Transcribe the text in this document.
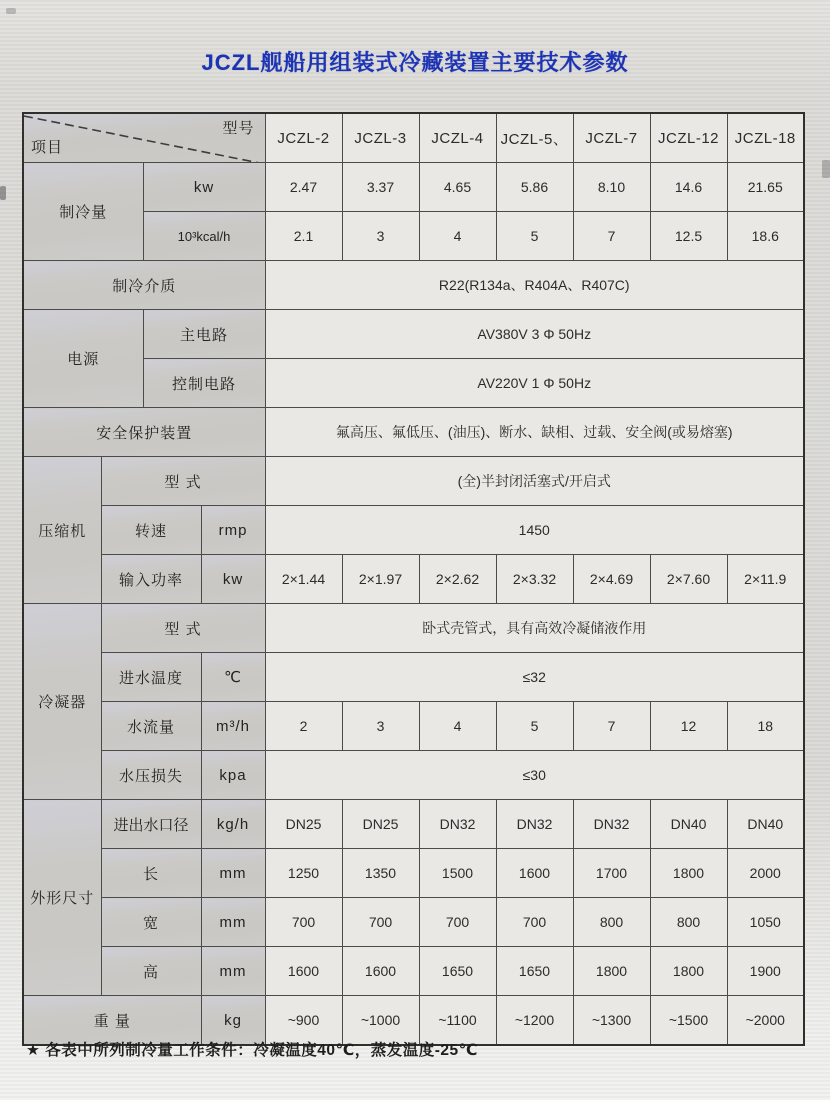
JCZL舰船用组装式冷藏装置主要技术参数
型号
项目				JCZL-2	JCZL-3	JCZL-4	JCZL-5、	JCZL-7	JCZL-12	JCZL-18
制冷量		kw		2.47	3.37	4.65	5.86	8.10	14.6	21.65
		10³kcal/h		2.1	3	4	5	7	12.5	18.6
制冷介质				R22(R134a、R404A、R407C)						
电源		主电路		AV380V 3 Φ 50Hz						
		控制电路		AV220V 1 Φ 50Hz						
安全保护装置				氟高压、氟低压、(油压)、断水、缺相、过载、安全阀(或易熔塞)						
压缩机	型 式			(全)半封闭活塞式/开启式						
	转速		rmp	1450						
	输入功率		kw	2×1.44	2×1.97	2×2.62	2×3.32	2×4.69	2×7.60	2×11.9
冷凝器	型 式			卧式壳管式，具有高效冷凝储液作用						
	进水温度		℃	≤32						
	水流量		m³/h	2	3	4	5	7	12	18
	水压损失		kpa	≤30						
外形尺寸	进出水口径		kg/h	DN25	DN25	DN32	DN32	DN32	DN40	DN40
	长		mm	1250	1350	1500	1600	1700	1800	2000
	宽		mm	700	700	700	700	800	800	1050
	高		mm	1600	1600	1650	1650	1800	1800	1900
重 量			kg	~900	~1000	~1100	~1200	~1300	~1500	~2000
★ 各表中所列制冷量工作条件：冷凝温度40℃，蒸发温度-25℃
